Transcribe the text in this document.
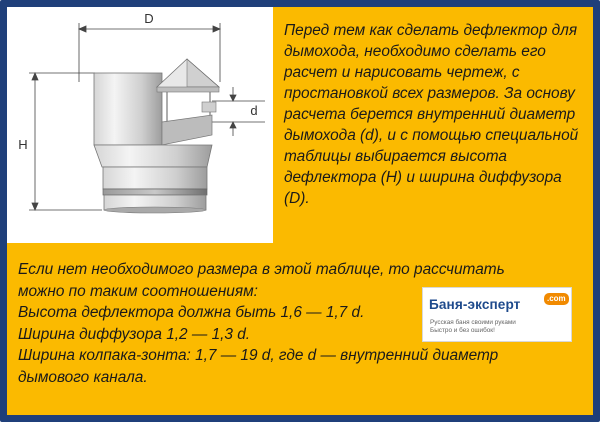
D
H
d

Перед тем как сделать дефлектор для дымохода, необходимо сделать его расчет и нарисовать чертеж, с простановкой всех размеров. За основу расчета берется внутренний диаметр дымохода (d), и с помощью специальной таблицы выбирается высота дефлектора (H) и ширина диффузора (D).

Если нет необходимого размера в этой таблице, то рассчитать

можно по таким соотношениям:

Высота дефлектора должна быть 1,6 — 1,7 d.

Ширина диффузора 1,2 — 1,3 d.

Ширина колпака-зонта: 1,7 — 19 d, где d — внутренний диаметр

дымового канала.

Баня-эксперт	.com
Русская баня своими руками
Быстро и без ошибок!
